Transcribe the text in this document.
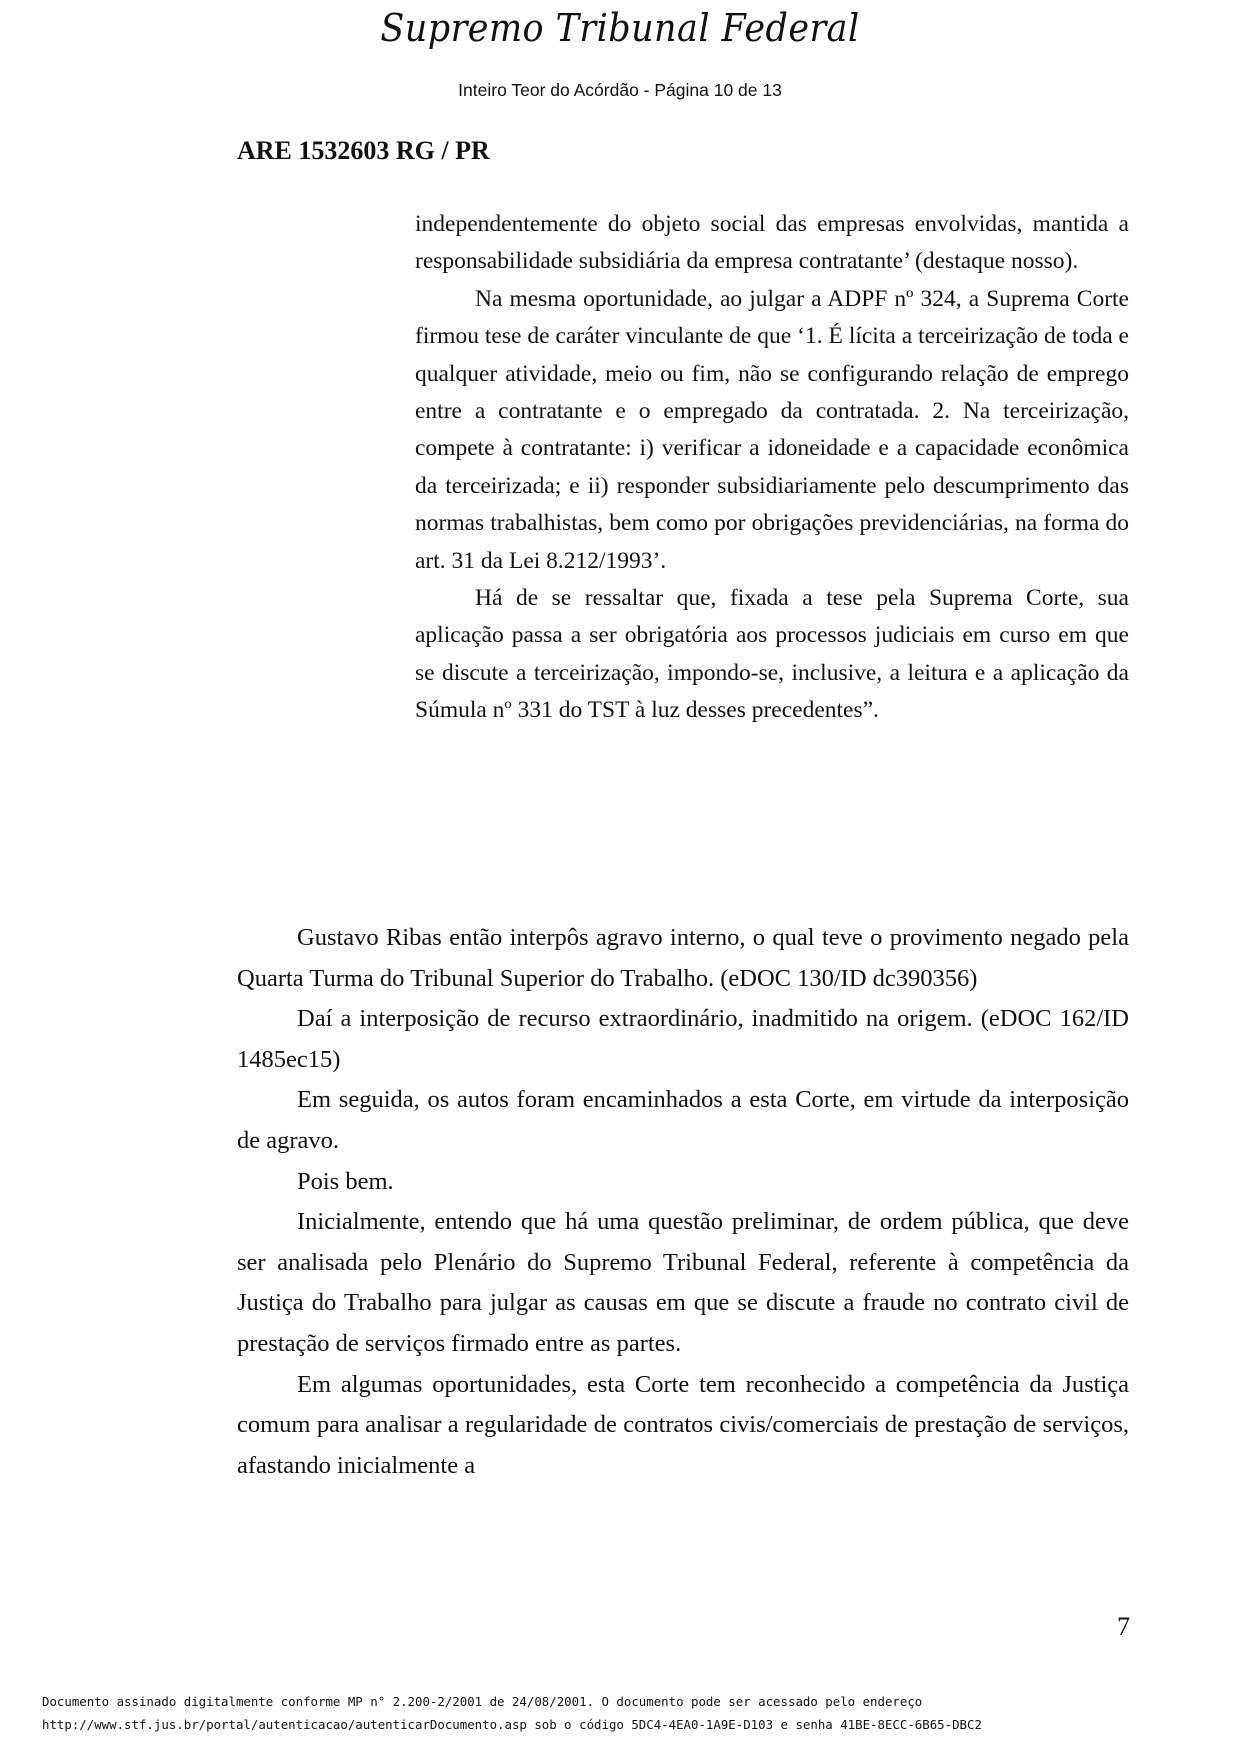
Supremo Tribunal Federal
Inteiro Teor do Acórdão - Página 10 de 13
ARE 1532603 RG / PR

independentemente do objeto social das empresas envolvidas, mantida a responsabilidade subsidiária da empresa contratante’ (destaque nosso).

Na mesma oportunidade, ao julgar a ADPF nº 324, a Suprema Corte firmou tese de caráter vinculante de que ‘1. É lícita a terceirização de toda e qualquer atividade, meio ou fim, não se configurando relação de emprego entre a contratante e o empregado da contratada. 2. Na terceirização, compete à contratante: i) verificar a idoneidade e a capacidade econômica da terceirizada; e ii) responder subsidiariamente pelo descumprimento das normas trabalhistas, bem como por obrigações previdenciárias, na forma do art. 31 da Lei 8.212/1993’.

Há de se ressaltar que, fixada a tese pela Suprema Corte, sua aplicação passa a ser obrigatória aos processos judiciais em curso em que se discute a terceirização, impondo-se, inclusive, a leitura e a aplicação da Súmula nº 331 do TST à luz desses precedentes”.

Gustavo Ribas então interpôs agravo interno, o qual teve o provimento negado pela Quarta Turma do Tribunal Superior do Trabalho. (eDOC 130/ID dc390356)

Daí a interposição de recurso extraordinário, inadmitido na origem. (eDOC 162/ID 1485ec15)

Em seguida, os autos foram encaminhados a esta Corte, em virtude da interposição de agravo.

Pois bem.

Inicialmente, entendo que há uma questão preliminar, de ordem pública, que deve ser analisada pelo Plenário do Supremo Tribunal Federal, referente à competência da Justiça do Trabalho para julgar as causas em que se discute a fraude no contrato civil de prestação de serviços firmado entre as partes.

Em algumas oportunidades, esta Corte tem reconhecido a competência da Justiça comum para analisar a regularidade de contratos civis/comerciais de prestação de serviços, afastando inicialmente a

7
Documento assinado digitalmente conforme MP n° 2.200-2/2001 de 24/08/2001. O documento pode ser acessado pelo endereço
http://www.stf.jus.br/portal/autenticacao/autenticarDocumento.asp sob o código 5DC4-4EA0-1A9E-D103 e senha 41BE-8ECC-6B65-DBC2
